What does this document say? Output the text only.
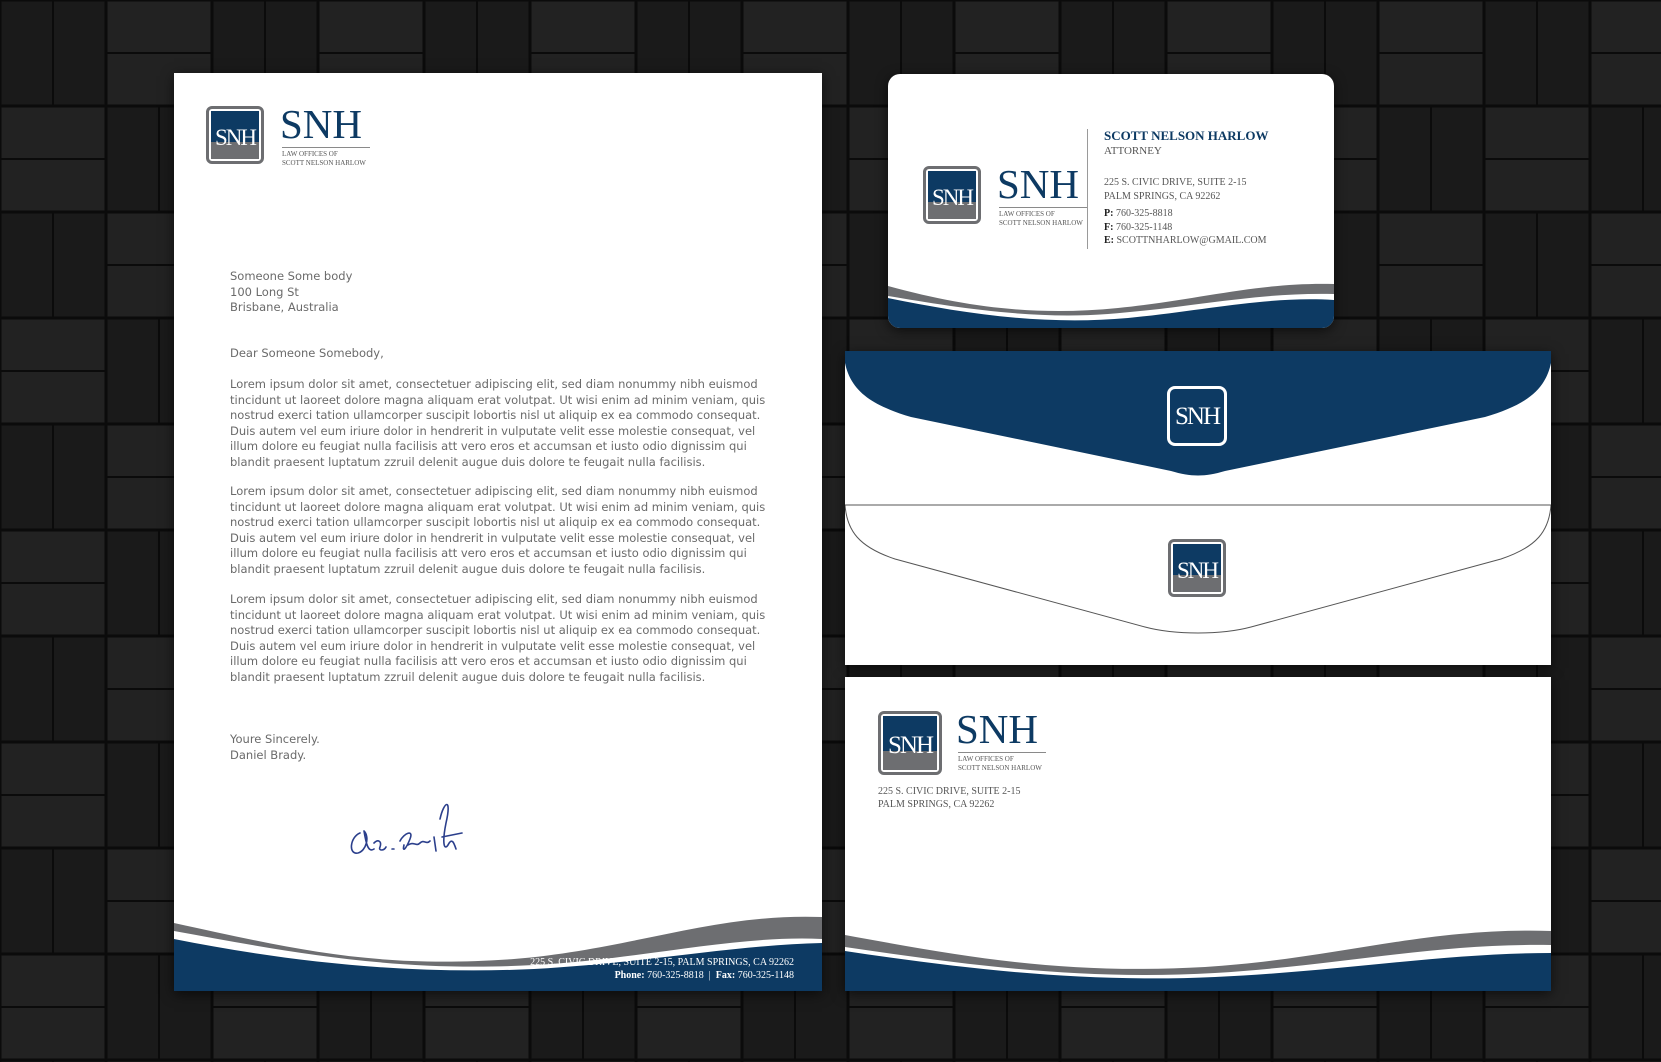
SNH SNH
LAW OFFICES OF
SCOTT NELSON HARLOW
Someone Some body
100 Long St
Brisbane, Australia
Dear Someone Somebody,
Lorem ipsum dolor sit amet, consectetuer adipiscing elit, sed diam nonummy nibh euismod
tincidunt ut laoreet dolore magna aliquam erat volutpat. Ut wisi enim ad minim veniam, quis
nostrud exerci tation ullamcorper suscipit lobortis nisl ut aliquip ex ea commodo consequat.
Duis autem vel eum iriure dolor in hendrerit in vulputate velit esse molestie consequat, vel
illum dolore eu feugiat nulla facilisis att vero eros et accumsan et iusto odio dignissim qui
blandit praesent luptatum zzruil delenit augue duis dolore te feugait nulla facilisis.
Lorem ipsum dolor sit amet, consectetuer adipiscing elit, sed diam nonummy nibh euismod
tincidunt ut laoreet dolore magna aliquam erat volutpat. Ut wisi enim ad minim veniam, quis
nostrud exerci tation ullamcorper suscipit lobortis nisl ut aliquip ex ea commodo consequat.
Duis autem vel eum iriure dolor in hendrerit in vulputate velit esse molestie consequat, vel
illum dolore eu feugiat nulla facilisis att vero eros et accumsan et iusto odio dignissim qui
blandit praesent luptatum zzruil delenit augue duis dolore te feugait nulla facilisis.
Lorem ipsum dolor sit amet, consectetuer adipiscing elit, sed diam nonummy nibh euismod
tincidunt ut laoreet dolore magna aliquam erat volutpat. Ut wisi enim ad minim veniam, quis
nostrud exerci tation ullamcorper suscipit lobortis nisl ut aliquip ex ea commodo consequat.
Duis autem vel eum iriure dolor in hendrerit in vulputate velit esse molestie consequat, vel
illum dolore eu feugiat nulla facilisis att vero eros et accumsan et iusto odio dignissim qui
blandit praesent luptatum zzruil delenit augue duis dolore te feugait nulla facilisis.
Youre Sincerely.
Daniel Brady.
225 S. CIVIC DRIVE, SUITE 2-15, PALM SPRINGS, CA 92262
Phone: 760-325-8818 | Fax: 760-325-1148
SNH SNH
LAW OFFICES OF
SCOTT NELSON HARLOW
SCOTT NELSON HARLOW
ATTORNEY
225 S. CIVIC DRIVE, SUITE 2-15
PALM SPRINGS, CA 92262
P: 760-325-8818
F: 760-325-1148
E: SCOTTNHARLOW@GMAIL.COM
SNH
SNH
SNH SNH
LAW OFFICES OF
SCOTT NELSON HARLOW
225 S. CIVIC DRIVE, SUITE 2-15
PALM SPRINGS, CA 92262
